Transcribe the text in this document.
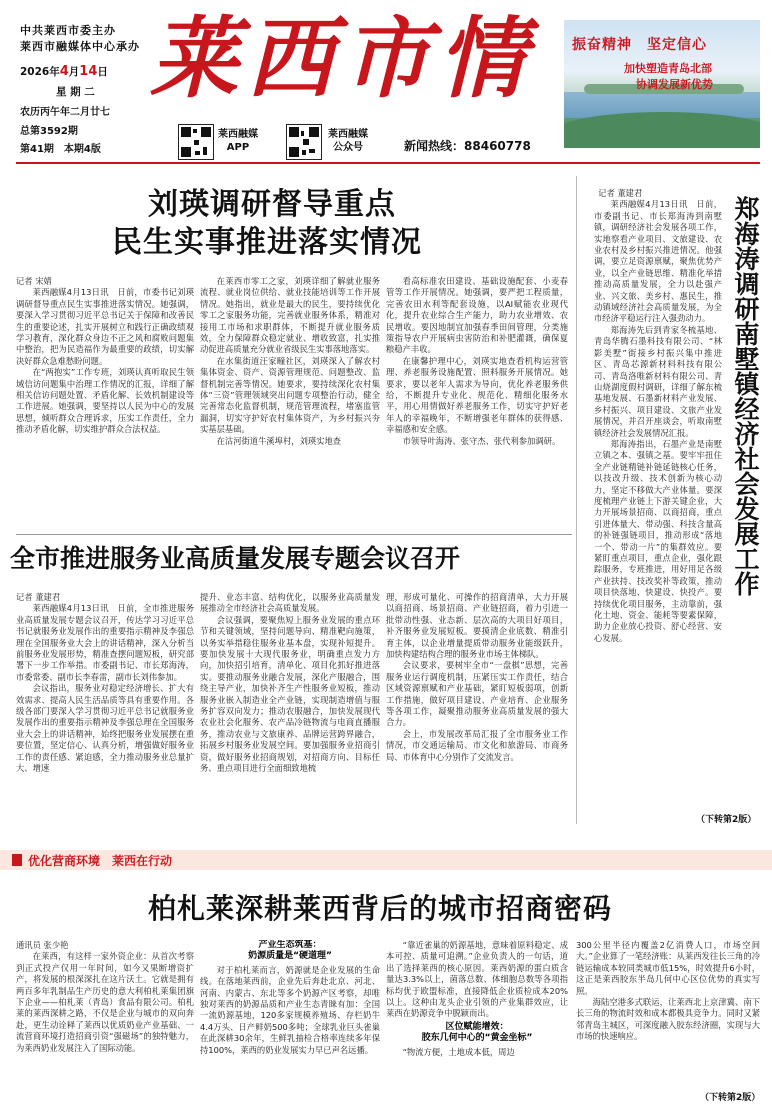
中共莱西市委主办
莱西市融媒体中心承办
2026年4月14日
星 期 二
农历丙午年二月廿七
总第3592期
第41期　本期4版
莱西市情
莱西融媒
APP
莱西融媒
公众号	新闻热线：88460778
振奋精神　坚定信心
加快塑造青岛北部
协调发展新优势
刘瑛调研督导重点
民生实事推进落实情况

记者 宋婧

莱西融媒4月13日讯　日前，市委书记刘瑛调研督导重点民生实事推进落实情况。她强调，要深入学习贯彻习近平总书记关于保障和改善民生的重要论述，扎实开展树立和践行正确政绩观学习教育，深化群众身边不正之风和腐败问题集中整治，把为民造福作为最重要的政绩，切实解决好群众急难愁盼问题。

在“两抱实”工作专班，刘瑛认真听取民生领域信访问题集中治理工作情况的汇报，详细了解相关信访问题处置、矛盾化解、长效机制建设等工作进展。她强调，要坚持以人民为中心的发展思想，倾听群众合理诉求，压实工作责任，全力推动矛盾化解，切实维护群众合法权益。

在莱西市零工之家，刘瑛详细了解就业服务流程、就业岗位供给、就业技能培训等工作开展情况。她指出，就业是最大的民生，要持续优化零工之家服务功能，完善就业服务体系，精准对接用工市场和求职群体，不断提升就业服务质效，全力保障群众稳定就业、增收致富，扎实推动促进高质量充分就业省级民生实事落地落实。

在水集街道汪家疃社区，刘瑛深入了解农村集体资金、资产、资源管理规范、问题整改、监督机制完善等情况。她要求，要持续深化农村集体“三资”管理领域突出问题专项整治行动，健全完善常态化监督机制，规范管理流程，堵塞监管漏洞，切实守护好农村集体资产，为乡村振兴夯实基层基础。

在沽河街道牛溪埠村，刘瑛实地查

看高标准农田建设、基础设施配套、小麦春管等工作开展情况。她强调，要严把工程质量，完善农田水利等配套设施，以AI赋能农业现代化，提升农业综合生产能力，助力农业增效、农民增收。要因地制宜加强春季田间管理，分类施策指导农户开展病虫害防治和补肥灌溉，确保夏粮稳产丰收。

在康馨护理中心，刘瑛实地查看机构运营管理、养老服务设施配置、照料服务开展情况。她要求，要以老年人需求为导向，优化养老服务供给，不断提升专业化、规范化、精细化服务水平，用心用情做好养老服务工作，切实守护好老年人的幸福晚年，不断增强老年群体的获得感、幸福感和安全感。

市领导叶海涛、张守杰、张代利参加调研。

全市推进服务业高质量发展专题会议召开

记者 董建君

莱西融媒4月13日讯　日前，全市推进服务业高质量发展专题会议召开，传达学习习近平总书记就服务业发展作出的重要指示精神及李强总理在全国服务业大会上的讲话精神，深入分析当前服务业发展形势，精准查摆问题短板，研究部署下一步工作举措。市委副书记、市长郑海涛，市委常委、副市长李春雷，副市长刘伟参加。

会议指出，服务业对稳定经济增长、扩大有效需求、提高人民生活品质等具有重要作用。各级各部门要深入学习贯彻习近平总书记就服务业发展作出的重要指示精神及李强总理在全国服务业大会上的讲话精神，始终把服务业发展摆在重要位置，坚定信心、认真分析，增强做好服务业工作的责任感、紧迫感，全力推动服务业总量扩大、增速

提升、业态丰富、结构优化，以服务业高质量发展推动全市经济社会高质量发展。

会议强调，要聚焦短上服务业发展的重点环节和关键领域，坚持问题导向、精准靶向施策，以务实举措稳住服务业基本盘，实现补短提升。要加快发展十大现代服务业，明确重点发力方向，加快招引培育，清单化、项目化抓好推进落实。要推动服务业融合发展，深化产服融合，围绕主导产业，加快补齐生产性服务业短板，推动服务业嵌入制造业全产业链，实现制造增值与服务扩容双向发力；推动农服融合，加快发展现代农业社会化服务、农产品冷链物流与电商直播服务，推动农业与文旅康养、品牌运营跨界融合，拓展乡村服务业发展空间。要加强服务业招商引资，做好服务业招商规划，对招商方向、目标任务、重点项目进行全面细致地梳

理，形成可量化、可操作的招商清单，大力开展以商招商、场景招商、产业链招商，着力引进一批带动性强、业态新、层次高的大项目好项目，补齐服务业发展短板。要摸清企业底数、精准引育主体，以企业增量提质带动服务业能级跃升，加快构建结构合理的服务业市场主体梯队。

会议要求，要树牢全市“一盘棋”思想，完善服务业运行调度机制，压紧压实工作责任，结合区域资源禀赋和产业基础，紧盯短板弱项，创新工作措施，做好项目建设、产业培育、企业服务等各项工作，凝聚推动服务业高质量发展的强大合力。

会上，市发展改革局汇报了全市服务业工作情况，市交通运输局、市文化和旅游局、市商务局、市体育中心分别作了交流发言。

记者 董建君

莱西融媒4月13日讯　日前，市委副书记、市长郑海涛到南墅镇，调研经济社会发展各项工作，实地察看产业项目、文旅建设、农业农村及乡村振兴推进情况。他强调，要立足资源禀赋，聚焦优势产业，以全产业链思维、精准化举措推动高质量发展，全力以赴强产业、兴文旅、美乡村、惠民生，推动镇域经济社会高质量发展，为全市经济平稳运行注入强劲动力。

郑海涛先后到青家冬梳基地、青岛华腾石墨科技有限公司、“林影美墅”街接乡村振兴集中推进区、青岛芯源新材料科技有限公司、青岛洛唯新材料有限公司、青山烧湖度假村调研，详细了解东梳基地发展、石墨新材料产业发展、乡村振兴、项目建设、文旅产业发展情况，并召开座谈会，听取南墅镇经济社会发展情况汇报。

郑海涛指出，石墨产业是南墅立镇之本、强镇之基。要牢牢扭住全产业链精链补链延链核心任务，以技改升级、技术创新为核心动力，坚定不移做大产业体量。要深度梳理产业链上下游关键企业，大力开展场景招商、以商招商，重点引进体量大、带动强、科技含量高的补链强链项目，推动形成“落地一个、带动一片”的集群效应。要紧盯重点项目，重点企业，强化跟踪服务，专班推进，用好用足各级产业扶持、技改奖补等政策，推动项目快落地、快建设、快投产。要持续优化项目服务，主动靠前，强化土地、资金、能耗等要素保障，助力企业放心投资、舒心经营、安心发展。

郑海涛调研南墅镇经济社会发展工作
（下转第2版）
优化营商环境　莱西在行动
柏札莱深耕莱西背后的城市招商密码

通讯员 张少艳

在莱西，有这样一家外资企业：从首次考察到正式投产仅用一年时间，如今又果断增资扩产，将发展的根深深扎在这片沃土。它就是拥有两百多年乳制品生产历史的意大利柏札莱集团旗下企业——柏札莱（青岛）食品有限公司。柏札莱的莱西深耕之路，不仅是企业与城市的双向奔赴，更生动诠释了莱西以优质奶业产业基础、一流营商环境打造招商引资“强磁场”的独特魅力，为莱西奶业发展注入了国际动能。

产业生态筑基：
奶源质量是“硬道理”

对于柏札莱而言，奶源就是企业发展的生命线。在落地莱西前，企业先后奔赴北京、河北、河南、内蒙古、东北等多个奶源产区考察，却唯独对莱西的奶源品质和产业生态青睐有加：全国一流奶源基地，120多家规模养殖场、存栏奶牛4.4万头、日产鲜奶500多吨；全球乳业巨头雀巢在此深耕30余年，生鲜乳抽检合格率连续多年保持100%，莱西的奶业发展实力早已声名远播。

“靠近雀巢的奶源基地，意味着原料稳定、成本可控、质量可追溯。”企业负责人的一句话，道出了选择莱西的核心原因。莱西奶源的蛋白质含量达3.3%以上，菌落总数、体细胞总数等各项指标均优于欧盟标准，直接降低企业质检成本20%以上。这种由龙头企业引领的产业集群效应，让莱西在奶源竞争中脱颖而出。

区位赋能增效：
胶东几何中心的“黄金坐标”

“物流方便，土地成本低，周边

300公里半径内覆盖2亿消费人口，市场空间大。”企业算了一笔经济账：从莱西发往长三角的冷链运输成本较同类城市低15%，时效提升6小时，这正是莱西胶东半岛几何中心区位优势的真实写照。

海陆空港多式联运，让莱西北上京津冀、南下长三角的物流时效和成本都极具竞争力。同时又紧邻青岛主城区，可深度融入胶东经济圈，实现与大市场的快速响应。

（下转第2版）
